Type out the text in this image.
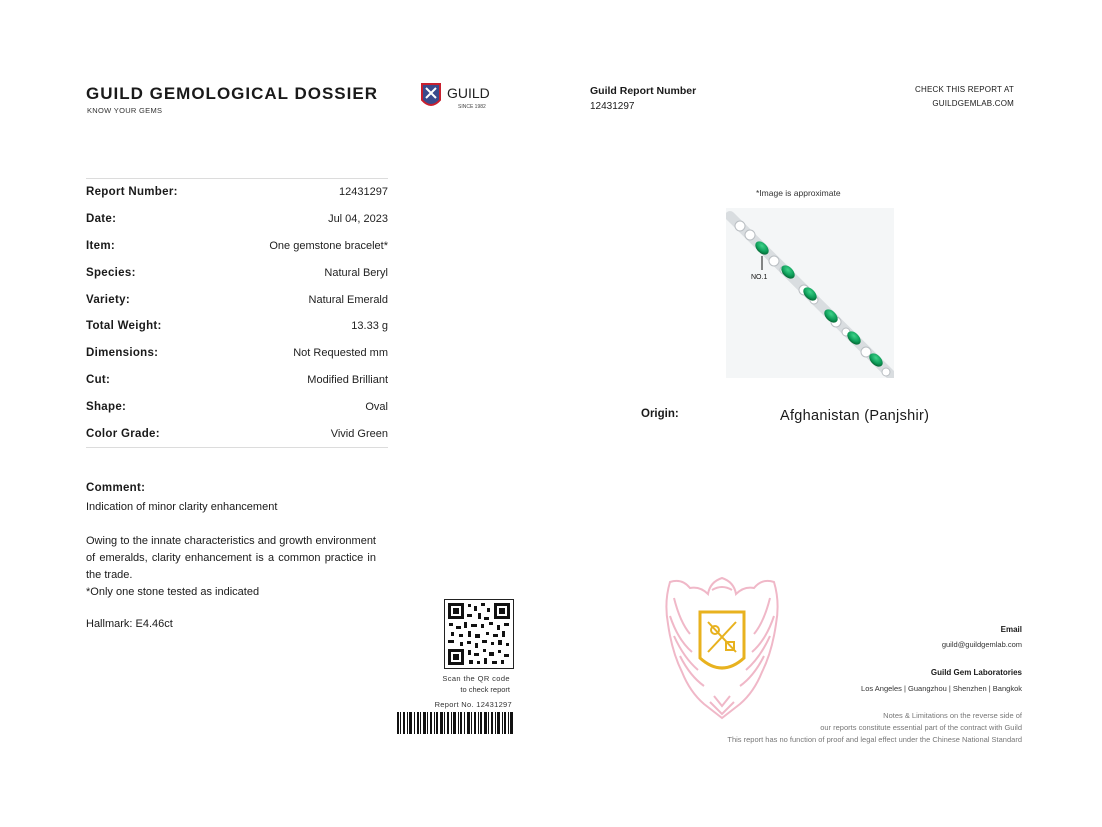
GUILD GEMOLOGICAL DOSSIER
KNOW YOUR GEMS
GUILD
SINCE 1982
Guild Report Number
12431297
CHECK THIS REPORT AT
GUILDGEMLAB.COM
Report Number:	12431297
Date:	Jul 04, 2023
Item:	One gemstone bracelet*
Species:	Natural Beryl
Variety:	Natural Emerald
Total Weight:	13.33 g
Dimensions:	Not Requested mm
Cut:	Modified Brilliant
Shape:	Oval
Color Grade:	Vivid Green
Comment:
Indication of minor clarity enhancement
Owing to the innate characteristics and growth environment of emeralds, clarity enhancement is a common practice in the trade.
*Only one stone tested as indicated
Hallmark: E4.46ct
*Image is approximate
NO.1
Origin:	Afghanistan (Panjshir)
Scan the QR code
to check report
Report No. 12431297
Email
guild@guildgemlab.com
Guild Gem Laboratories
Los Angeles | Guangzhou | Shenzhen | Bangkok
Notes & Limitations on the reverse side of
our reports constitute essential part of the contract with Guild
This report has no function of proof and legal effect under the Chinese National Standard
